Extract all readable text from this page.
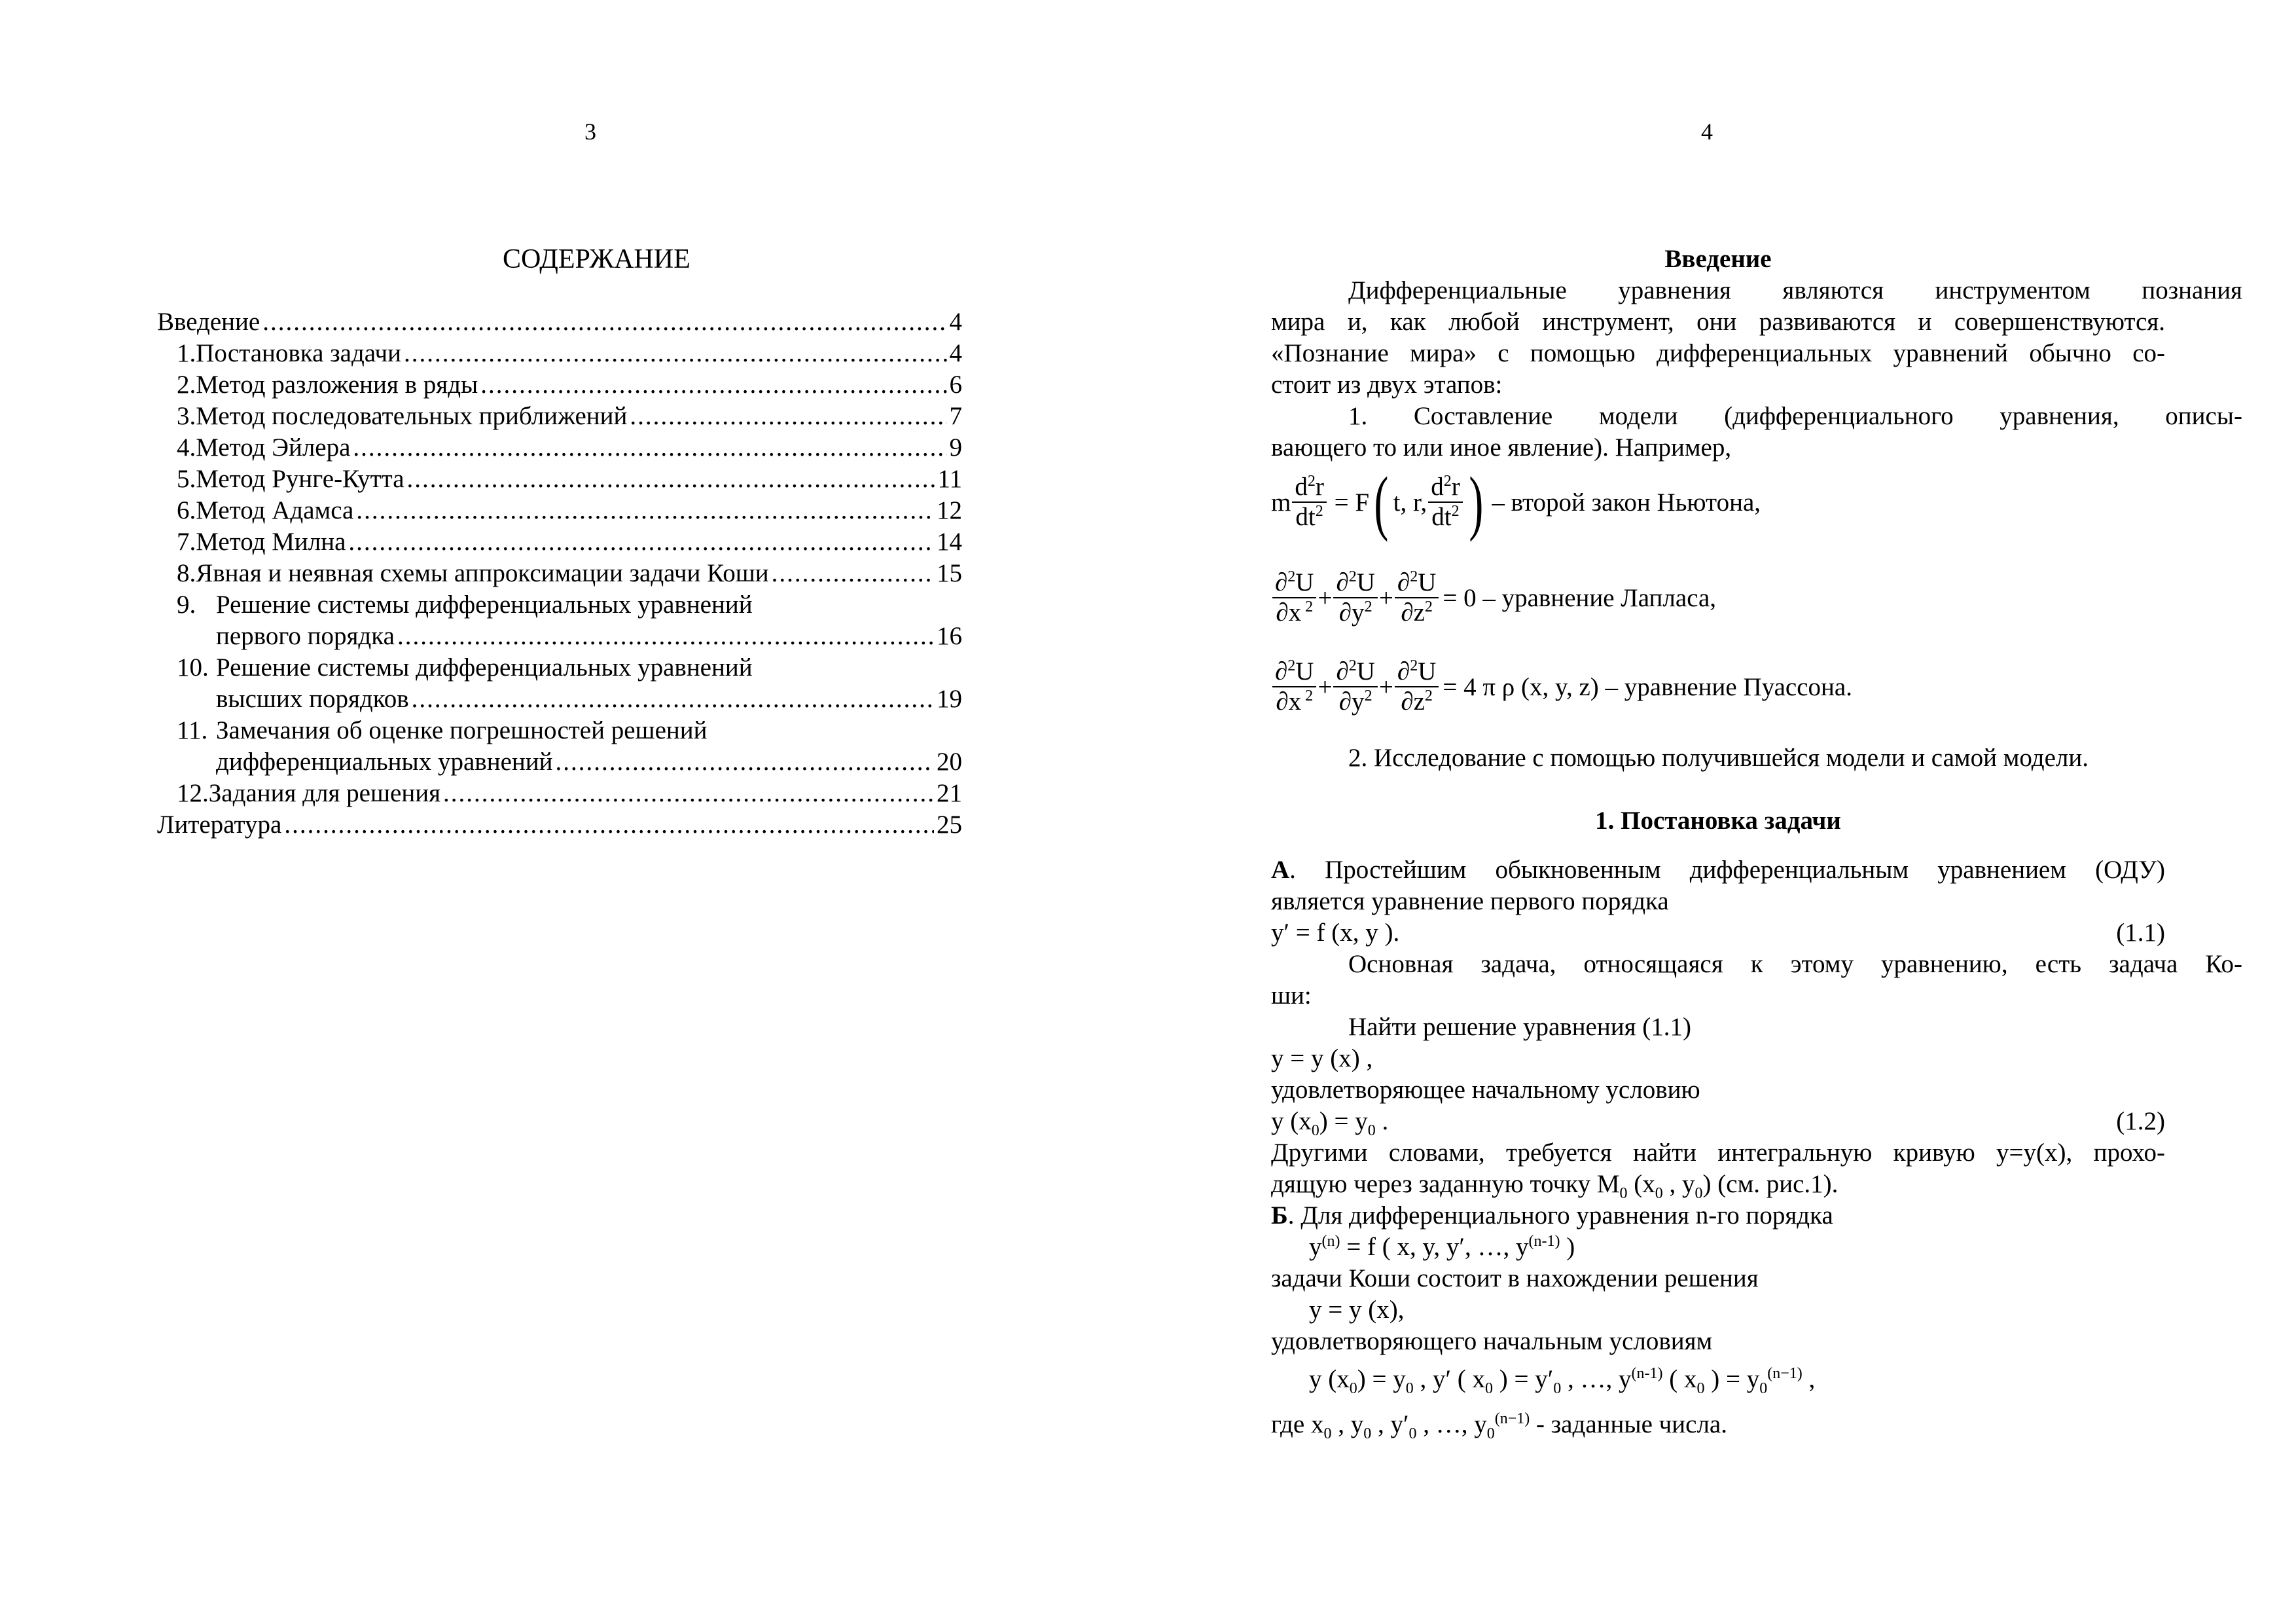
3
СОДЕРЖАНИЕ
Введение .....	4
1. Постановка задачи .....	4
2. Метод разложения в ряды .....	6
3. Метод последовательных приближений .....	7
4. Метод Эйлера .....	9
5. Метод Рунге-Кутта .....	11
6. Метод Адамса .....	12
7. Метод Милна .....	14
8. Явная и неявная схемы аппроксимации задачи Коши .....	15
9. Решение системы дифференциальных уравнений
первого порядка .....	16
10. Решение системы дифференциальных уравнений
высших порядков .....	19
11. Замечания об оценке погрешностей решений
дифференциальных уравнений .....	20
12. Задания для решения .....	21
Литература .....	25
4
Введение
Дифференциальные уравнения являются инструментом познания
мира и, как любой инструмент, они развиваются и совершенствуются.
«Познание мира» с помощью дифференциальных уравнений обычно со-
стоит из двух этапов:
1. Составление модели (дифференциального уравнения, описы-
вающего то или иное явление). Например,
m $\frac{d^2r}{dt^2} = F$ ( t, r, $\frac{d^2r}{dt^2}$ ) – второй закон Ньютона,
$\frac{\partial^2U}{\partial x ^2} + \frac{\partial^2U}{\partial y^2} + \frac{\partial^2U}{\partial z^2} = 0$ – уравнение Лапласа,
$\frac{\partial^2U}{\partial x ^2} + \frac{\partial^2U}{\partial y^2} + \frac{\partial^2U}{\partial z^2} = 4$ π ρ (x, y, z) – уравнение Пуассона.
2. Исследование с помощью получившейся модели и самой модели.
1. Постановка задачи
А. Простейшим обыкновенным дифференциальным уравнением (ОДУ)
является уравнение первого порядка
y′ = f (x, y ).	(1.1)
Основная задача, относящаяся к этому уравнению, есть задача Ко-
ши:
Найти решение уравнения (1.1)
y = y (x) ,
удовлетворяющее начальному условию
y $(x_0) = y_0$ .	(1.2)
Другими словами, требуется найти интегральную кривую y=y(x), прохо-
дящую через заданную точку $M_0$ ($x_0$ , $y_0$) (см. рис.1).
Б. Для дифференциального уравнения n-го порядка
$y^{(n)} = f$ ( x, y, y′, …, $y^{(n-1)}$ )
задачи Коши состоит в нахождении решения
y = y (x),
удовлетворяющего начальным условиям
y $(x_0) = y_0$ , y′ ( $x_0$ ) = $y'_0$ , …, $y^{(n-1)}$ ( $x_0$ ) = $y_0^{(n-1)}$ ,
где $x_0$ , $y_0$ , $y'_0$ , …, $y_0^{(n-1)}$ - заданные числа.
